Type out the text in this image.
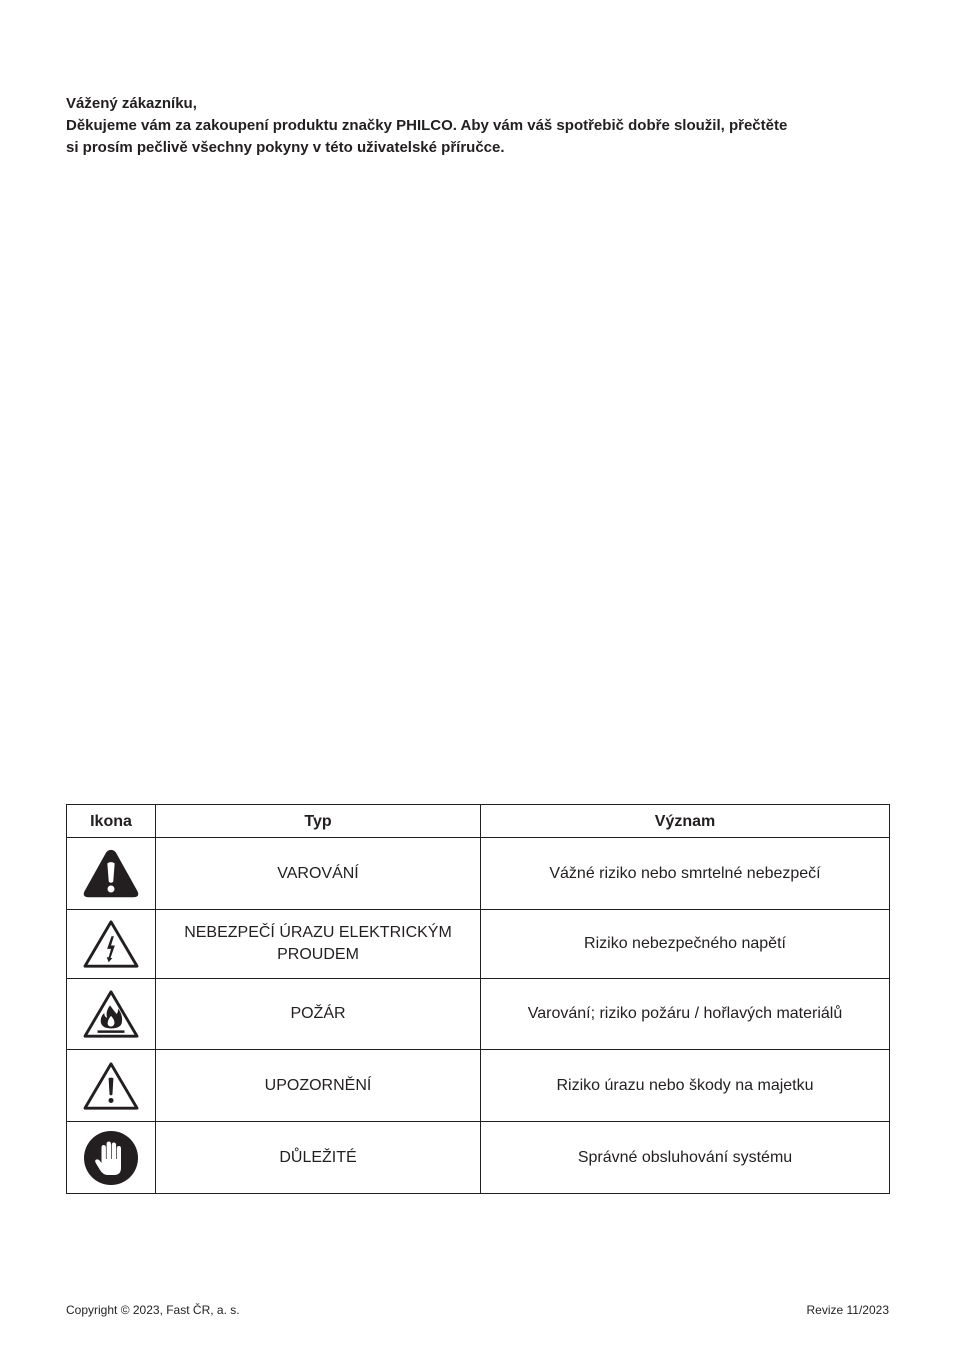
Vážený zákazníku,
Děkujeme vám za zakoupení produktu značky PHILCO. Aby vám váš spotřebič dobře sloužil, přečtěte
si prosím pečlivě všechny pokyny v této uživatelské příručce.
Ikona	Typ	Význam

	VAROVÁNÍ	Vážné riziko nebo smrtelné nebezpečí

	NEBEZPEČÍ ÚRAZU ELEKTRICKÝM PROUDEM	Riziko nebezpečného napětí

	POŽÁR	Varování; riziko požáru / hořlavých materiálů

	UPOZORNĚNÍ	Riziko úrazu nebo škody na majetku

	DŮLEŽITÉ	Správné obsluhování systému
Copyright © 2023, Fast ČR, a. s.	Revize 11/2023
